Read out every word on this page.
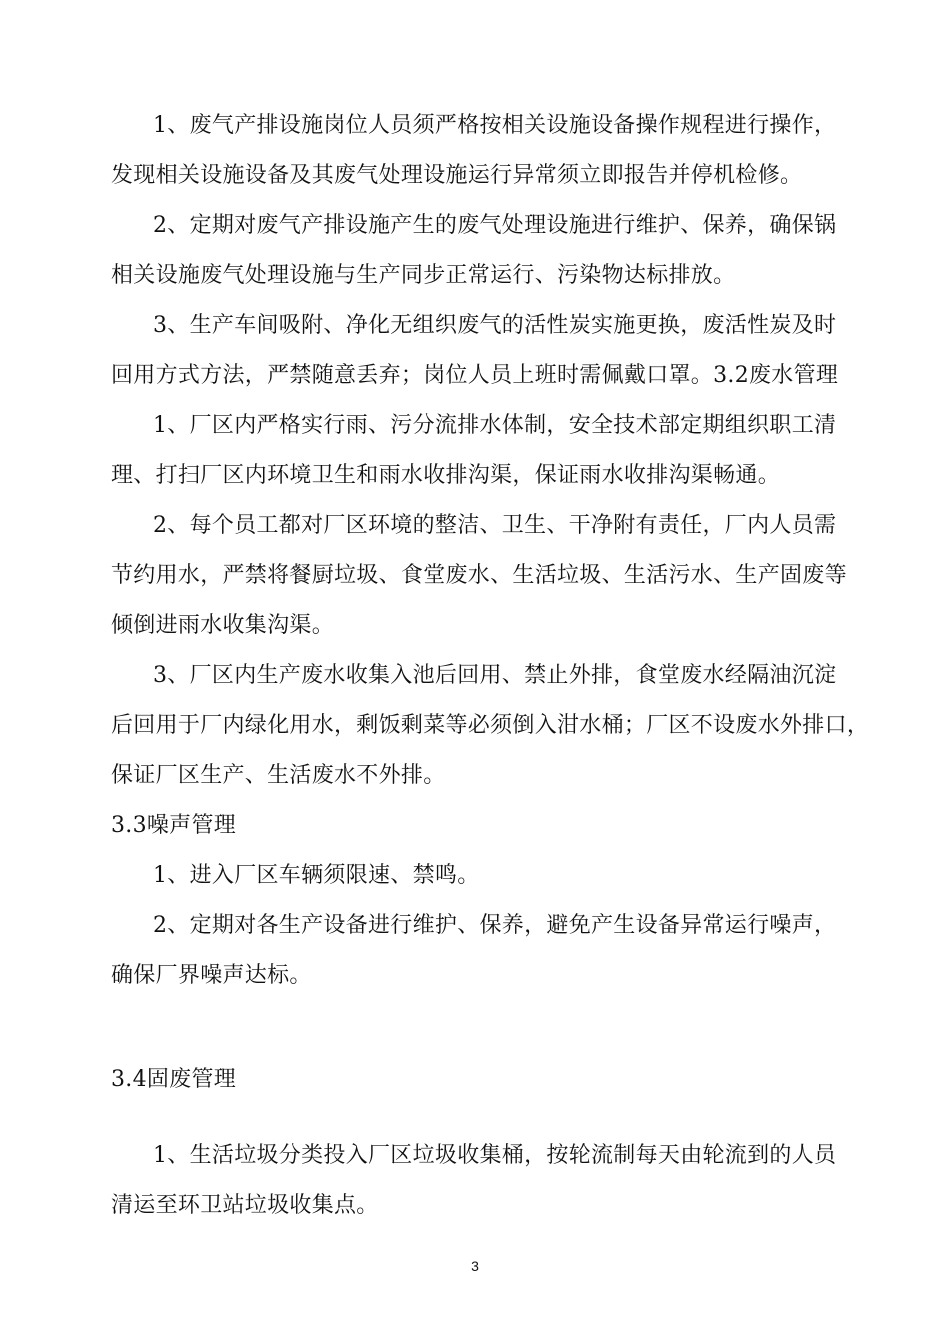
1、废气产排设施岗位人员须严格按相关设施设备操作规程进行操作，
发现相关设施设备及其废气处理设施运行异常须立即报告并停机检修。
2、定期对废气产排设施产生的废气处理设施进行维护、保养，确保锅
相关设施废气处理设施与生产同步正常运行、污染物达标排放。
3、生产车间吸附、净化无组织废气的活性炭实施更换，废活性炭及时
回用方式方法，严禁随意丢弃；岗位人员上班时需佩戴口罩。3.2废水管理
1、厂区内严格实行雨、污分流排水体制，安全技术部定期组织职工清
理、打扫厂区内环境卫生和雨水收排沟渠，保证雨水收排沟渠畅通。
2、每个员工都对厂区环境的整洁、卫生、干净附有责任，厂内人员需
节约用水，严禁将餐厨垃圾、食堂废水、生活垃圾、生活污水、生产固废等
倾倒进雨水收集沟渠。
3、厂区内生产废水收集入池后回用、禁止外排，食堂废水经隔油沉淀
后回用于厂内绿化用水，剩饭剩菜等必须倒入泔水桶；厂区不设废水外排口，
保证厂区生产、生活废水不外排。
3.3噪声管理
1、进入厂区车辆须限速、禁鸣。
2、定期对各生产设备进行维护、保养，避免产生设备异常运行噪声，
确保厂界噪声达标。
3.4固废管理
1、生活垃圾分类投入厂区垃圾收集桶，按轮流制每天由轮流到的人员
清运至环卫站垃圾收集点。
3
